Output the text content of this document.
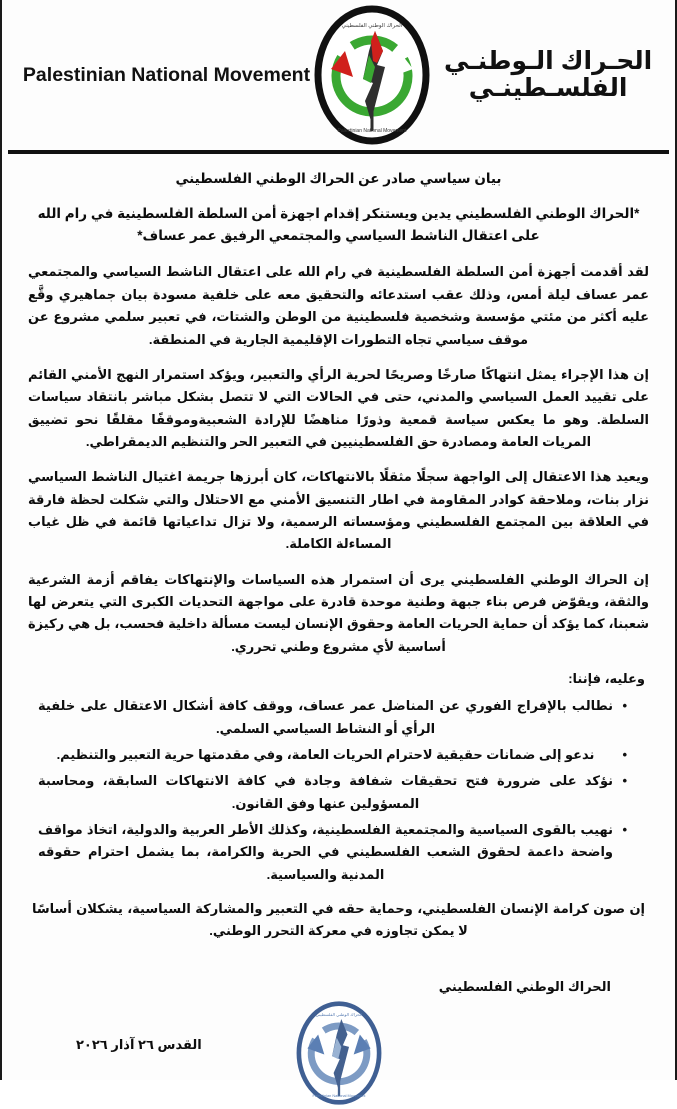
الحـراك الـوطنـي الفلسـطينـي
الحراك الوطني الفلسطيني
Palestinian National Movement
Palestinian National Movement
بيان سياسي صادر عن الحراك الوطني الفلسطيني
*الحراك الوطني الفلسطيني يدين ويستنكر إقدام اجهزة أمن السلطة الفلسطينية في رام الله على اعتقال الناشط السياسي والمجتمعي الرفيق عمر عساف*

لقد أقدمت أجهزة أمن السلطة الفلسطينية في رام الله على اعتقال الناشط السياسي والمجتمعي عمر عساف ليلة أمس، وذلك عقب استدعائه والتحقيق معه على خلفية مسودة بيان جماهيري وقَّع عليه أكثر من مئتي مؤسسة وشخصية فلسطينية من الوطن والشتات، في تعبير سلمي مشروع عن موقف سياسي تجاه التطورات الإقليمية الجارية في المنطقة.

إن هذا الإجراء يمثل انتهاكًا صارخًا وصريحًا لحرية الرأي والتعبير، ويؤكد استمرار النهج الأمني القائم على تقييد العمل السياسي والمدني، حتى في الحالات التي لا تتصل بشكل مباشر بانتقاد سياسات السلطة. وهو ما يعكس سياسة قمعية وذورًا مناهضًا للإرادة الشعبيةوموقفًا مقلقًا نحو تضييق المريات العامة ومصادرة حق الفلسطينيين في التعبير الحر والتنظيم الديمقراطي.

ويعيد هذا الاعتقال إلى الواجهة سجلًا مثقلًا بالانتهاكات، كان أبرزها جريمة اغتيال الناشط السياسي نزار بنات، وملاحقة كوادر المقاومة في اطار التنسيق الأمني مع الاحتلال والتي شكلت لحظة فارقة في العلاقة بين المجتمع الفلسطيني ومؤسساته الرسمية، ولا تزال تداعياتها قائمة في ظل غياب المساءلة الكاملة.

إن الحراك الوطني الفلسطيني يرى أن استمرار هذه السياسات والإنتهاكات يفاقم أزمة الشرعية والثقة، ويقوّض فرص بناء جبهة وطنية موحدة قادرة على مواجهة التحديات الكبرى التي يتعرض لها شعبنا، كما يؤكد أن حماية الحريات العامة وحقوق الإنسان ليست مسألة داخلية فحسب، بل هي ركيزة أساسية لأي مشروع وطني تحرري.

وعليه، فإننا:
• نطالب بالإفراج الفوري عن المناضل عمر عساف، ووقف كافة أشكال الاعتقال على خلفية الرأي أو النشاط السياسي السلمي.
• ندعو إلى ضمانات حقيقية لاحترام الحريات العامة، وفي مقدمتها حرية التعبير والتنظيم.
• نؤكد على ضرورة فتح تحقيقات شفافة وجادة في كافة الانتهاكات السابقة، ومحاسبة المسؤولين عنها وفق القانون.
• نهيب بالقوى السياسية والمجتمعية الفلسطينية، وكذلك الأطر العربية والدولية، اتخاذ مواقف واضحة داعمة لحقوق الشعب الفلسطيني في الحرية والكرامة، بما يشمل احترام حقوقه المدنية والسياسية.

إن صون كرامة الإنسان الفلسطيني، وحماية حقه في التعبير والمشاركة السياسية، يشكلان أساسًا لا يمكن تجاوزه في معركة التحرر الوطني.

الحراك الوطني الفلسطيني
الحراك الوطني الفلسطيني
Palestinian National Movement
القدس ٢٦ آذار ٢٠٢٦
